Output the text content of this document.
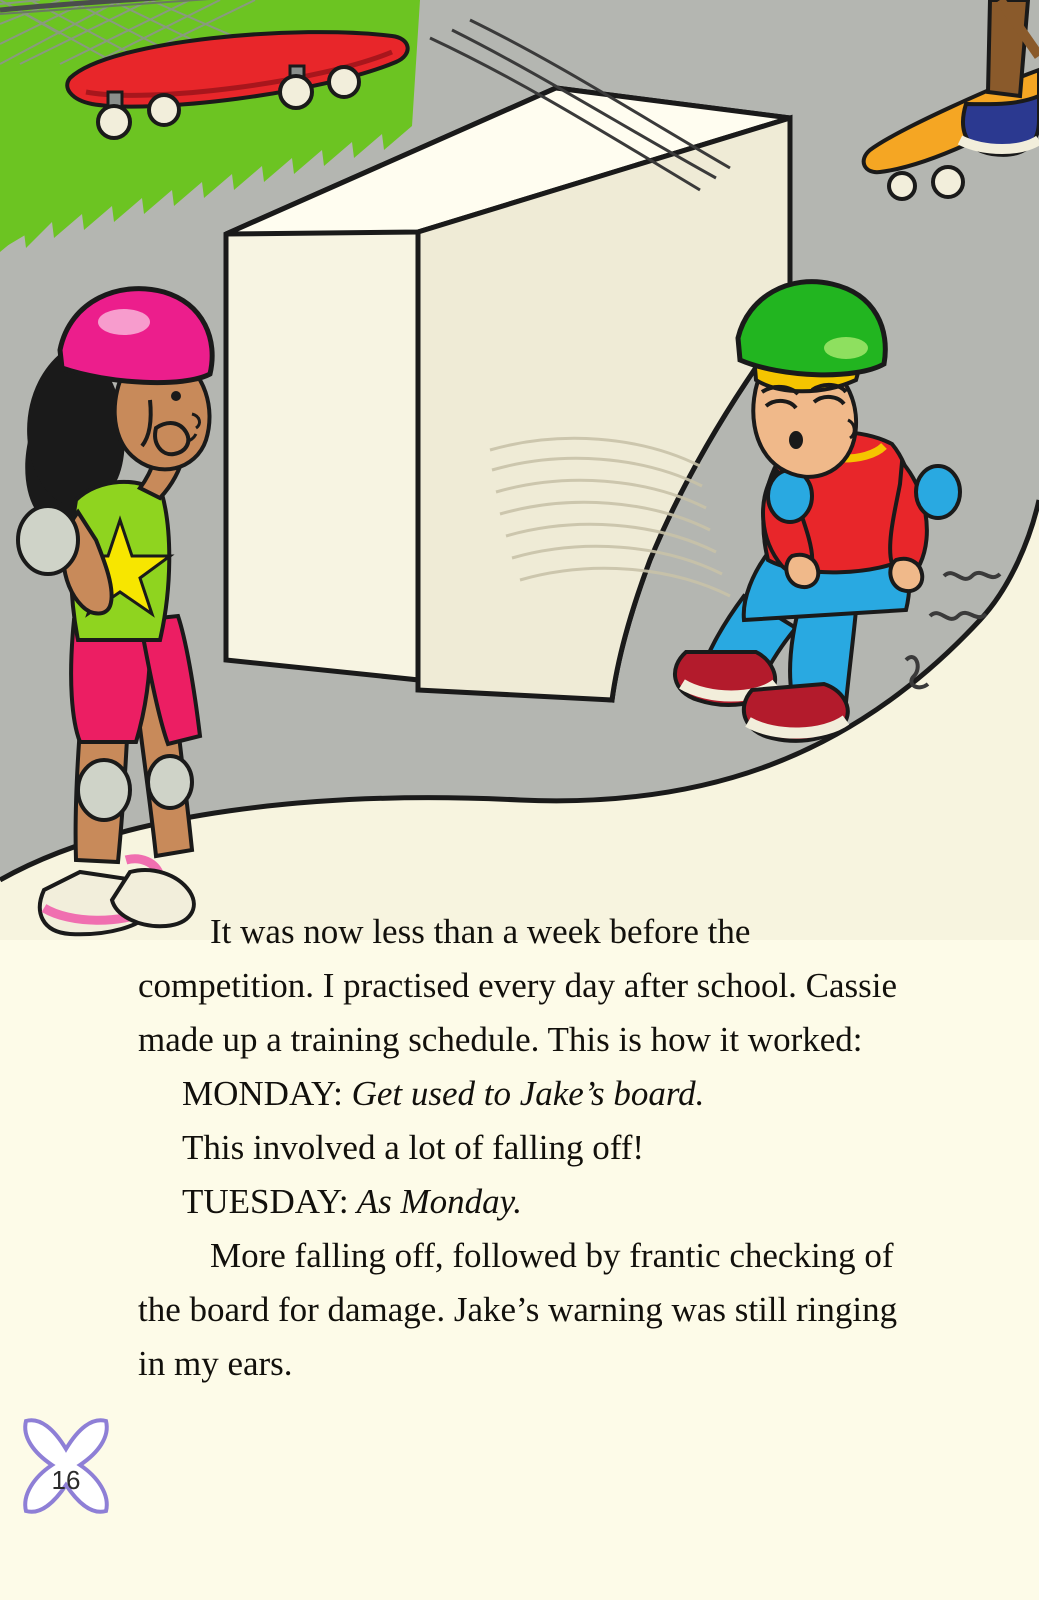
It was now less than a week before the competition. I practised every day after school. Cassie made up a training schedule. This is how it worked:

MONDAY: Get used to Jake’s board.

This involved a lot of falling off!

TUESDAY: As Monday.

More falling off, followed by frantic checking of the board for damage. Jake’s warning was still ringing in my ears.

16
